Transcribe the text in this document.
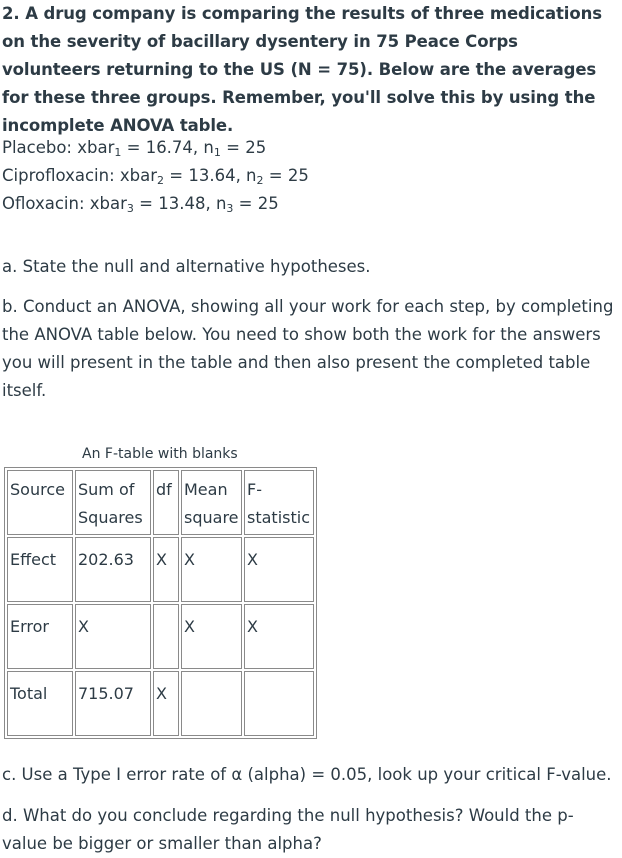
2. A drug company is comparing the results of three medications on the severity of bacillary dysentery in 75 Peace Corps volunteers returning to the US (N = 75). Below are the averages for these three groups. Remember, you'll solve this by using the incomplete ANOVA table.
Placebo: xbar$_1$ = 16.74, $n_1 = 25$
Ciprofloxacin: xbar$_2$ = 13.64, $n_2 = 25$
Ofloxacin: xbar$_3$ = 13.48, $n_3 = 25$
a. State the null and alternative hypotheses.
b. Conduct an ANOVA, showing all your work for each step, by completing the ANOVA table below. You need to show both the work for the answers you will present in the table and then also present the completed table itself.
An F-table with blanks
Source	Sum of Squares	df	Mean square	F-statistic
Effect	202.63	X	X	X
Error	X		X	X
Total	715.07	X		
c. Use a Type I error rate of α (alpha) = 0.05, look up your critical F-value.
d. What do you conclude regarding the null hypothesis? Would the p-value be bigger or smaller than alpha?
